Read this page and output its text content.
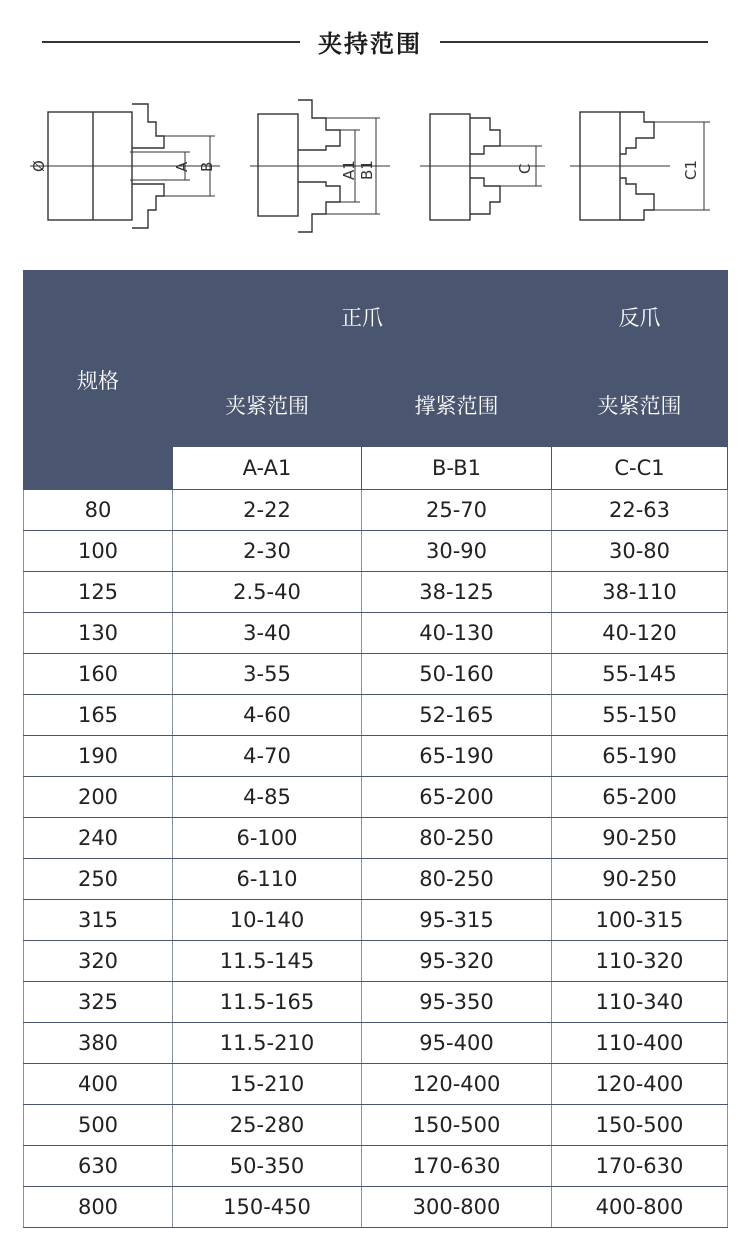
夹持范围
Ø	A B	A1 B1	C	C1
规格	正爪		反爪
	夹紧范围	撑紧范围	夹紧范围
	A-A1	B-B1	C-C1
80	2-22	25-70	22-63
100	2-30	30-90	30-80
125	2.5-40	38-125	38-110
130	3-40	40-130	40-120
160	3-55	50-160	55-145
165	4-60	52-165	55-150
190	4-70	65-190	65-190
200	4-85	65-200	65-200
240	6-100	80-250	90-250
250	6-110	80-250	90-250
315	10-140	95-315	100-315
320	11.5-145	95-320	110-320
325	11.5-165	95-350	110-340
380	11.5-210	95-400	110-400
400	15-210	120-400	120-400
500	25-280	150-500	150-500
630	50-350	170-630	170-630
800	150-450	300-800	400-800
